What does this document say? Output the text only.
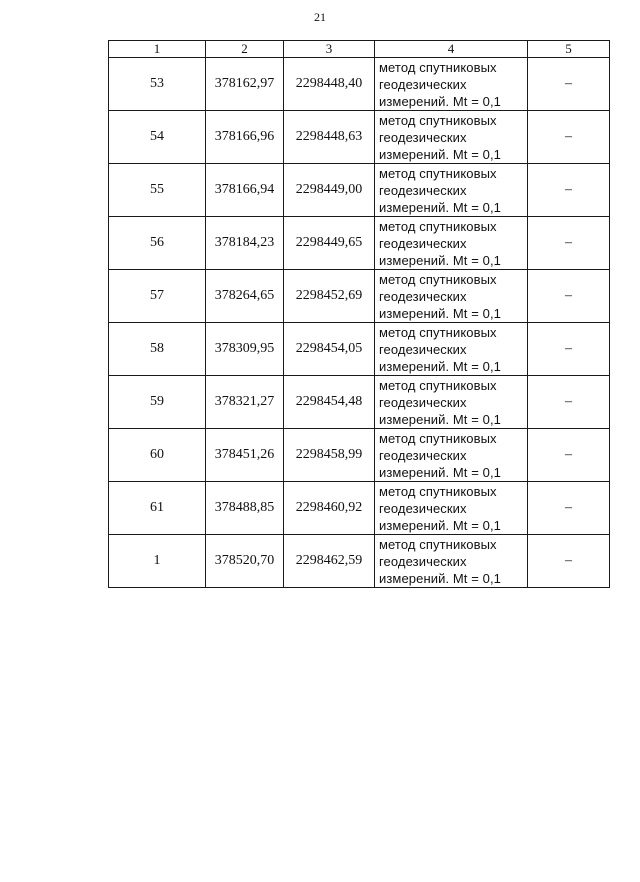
21
1	2	3	4	5
53	378162,97	2298448,40	метод спутниковых
геодезических
измерений. Mt = 0,1	–
54	378166,96	2298448,63	метод спутниковых
геодезических
измерений. Mt = 0,1	–
55	378166,94	2298449,00	метод спутниковых
геодезических
измерений. Mt = 0,1	–
56	378184,23	2298449,65	метод спутниковых
геодезических
измерений. Mt = 0,1	–
57	378264,65	2298452,69	метод спутниковых
геодезических
измерений. Mt = 0,1	–
58	378309,95	2298454,05	метод спутниковых
геодезических
измерений. Mt = 0,1	–
59	378321,27	2298454,48	метод спутниковых
геодезических
измерений. Mt = 0,1	–
60	378451,26	2298458,99	метод спутниковых
геодезических
измерений. Mt = 0,1	–
61	378488,85	2298460,92	метод спутниковых
геодезических
измерений. Mt = 0,1	–
1	378520,70	2298462,59	метод спутниковых
геодезических
измерений. Mt = 0,1	–
